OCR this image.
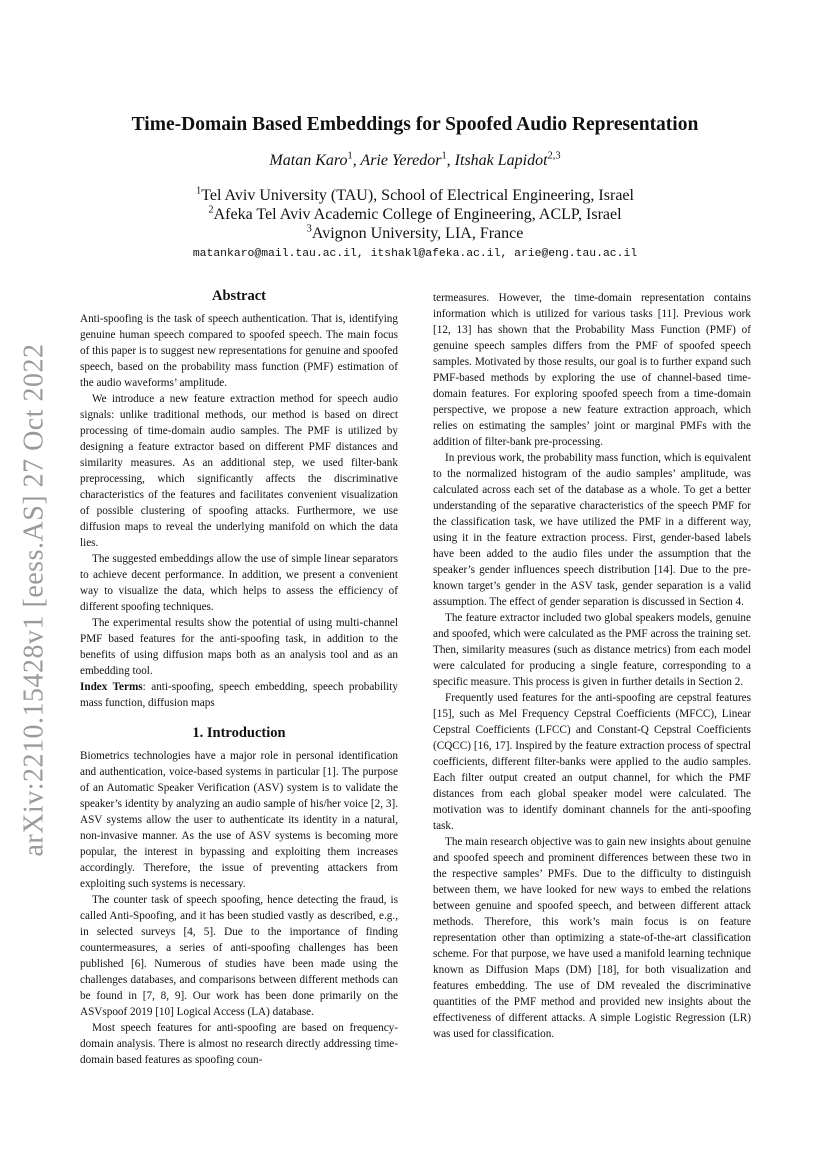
arXiv:2210.15428v1 [eess.AS] 27 Oct 2022
Time-Domain Based Embeddings for Spoofed Audio Representation
Matan Karo$^1$, Arie Yeredor$^1$, Itshak Lapidot$^{2,3}$
$^1$Tel Aviv University (TAU), School of Electrical Engineering, Israel
$^2$Afeka Tel Aviv Academic College of Engineering, ACLP, Israel
$^3$Avignon University, LIA, France
matankaro@mail.tau.ac.il, itshakl@afeka.ac.il, arie@eng.tau.ac.il
Abstract

Anti-spoofing is the task of speech authentication. That is, identifying genuine human speech compared to spoofed speech. The main focus of this paper is to suggest new representations for genuine and spoofed speech, based on the probability mass function (PMF) estimation of the audio waveforms’ amplitude.

We introduce a new feature extraction method for speech audio signals: unlike traditional methods, our method is based on direct processing of time-domain audio samples. The PMF is utilized by designing a feature extractor based on different PMF distances and similarity measures. As an additional step, we used filter-bank preprocessing, which significantly affects the discriminative characteristics of the features and facilitates convenient visualization of possible clustering of spoofing attacks. Furthermore, we use diffusion maps to reveal the underlying manifold on which the data lies.

The suggested embeddings allow the use of simple linear separators to achieve decent performance. In addition, we present a convenient way to visualize the data, which helps to assess the efficiency of different spoofing techniques.

The experimental results show the potential of using multi-channel PMF based features for the anti-spoofing task, in addition to the benefits of using diffusion maps both as an analysis tool and as an embedding tool.

Index Terms: anti-spoofing, speech embedding, speech probability mass function, diffusion maps

1. Introduction

Biometrics technologies have a major role in personal identification and authentication, voice-based systems in particular [1]. The purpose of an Automatic Speaker Verification (ASV) system is to validate the speaker’s identity by analyzing an audio sample of his/her voice [2, 3]. ASV systems allow the user to authenticate its identity in a natural, non-invasive manner. As the use of ASV systems is becoming more popular, the interest in bypassing and exploiting them increases accordingly. Therefore, the issue of preventing attackers from exploiting such systems is necessary.

The counter task of speech spoofing, hence detecting the fraud, is called Anti-Spoofing, and it has been studied vastly as described, e.g., in selected surveys [4, 5]. Due to the importance of finding countermeasures, a series of anti-spoofing challenges has been published [6]. Numerous of studies have been made using the challenges databases, and comparisons between different methods can be found in [7, 8, 9]. Our work has been done primarily on the ASVspoof 2019 [10] Logical Access (LA) database.

Most speech features for anti-spoofing are based on frequency-domain analysis. There is almost no research directly addressing time-domain based features as spoofing coun-

termeasures. However, the time-domain representation contains information which is utilized for various tasks [11]. Previous work [12, 13] has shown that the Probability Mass Function (PMF) of genuine speech samples differs from the PMF of spoofed speech samples. Motivated by those results, our goal is to further expand such PMF-based methods by exploring the use of channel-based time-domain features. For exploring spoofed speech from a time-domain perspective, we propose a new feature extraction approach, which relies on estimating the samples’ joint or marginal PMFs with the addition of filter-bank pre-processing.

In previous work, the probability mass function, which is equivalent to the normalized histogram of the audio samples’ amplitude, was calculated across each set of the database as a whole. To get a better understanding of the separative characteristics of the speech PMF for the classification task, we have utilized the PMF in a different way, using it in the feature extraction process. First, gender-based labels have been added to the audio files under the assumption that the speaker’s gender influences speech distribution [14]. Due to the pre-known target’s gender in the ASV task, gender separation is a valid assumption. The effect of gender separation is discussed in Section 4.

The feature extractor included two global speakers models, genuine and spoofed, which were calculated as the PMF across the training set. Then, similarity measures (such as distance metrics) from each model were calculated for producing a single feature, corresponding to a specific measure. This process is given in further details in Section 2.

Frequently used features for the anti-spoofing are cepstral features [15], such as Mel Frequency Cepstral Coefficients (MFCC), Linear Cepstral Coefficients (LFCC) and Constant-Q Cepstral Coefficients (CQCC) [16, 17]. Inspired by the feature extraction process of spectral coefficients, different filter-banks were applied to the audio samples. Each filter output created an output channel, for which the PMF distances from each global speaker model were calculated. The motivation was to identify dominant channels for the anti-spoofing task.

The main research objective was to gain new insights about genuine and spoofed speech and prominent differences between these two in the respective samples’ PMFs. Due to the difficulty to distinguish between them, we have looked for new ways to embed the relations between genuine and spoofed speech, and between different attack methods. Therefore, this work’s main focus is on feature representation other than optimizing a state-of-the-art classification scheme. For that purpose, we have used a manifold learning technique known as Diffusion Maps (DM) [18], for both visualization and features embedding. The use of DM revealed the discriminative quantities of the PMF method and provided new insights about the effectiveness of different attacks. A simple Logistic Regression (LR) was used for classification.
